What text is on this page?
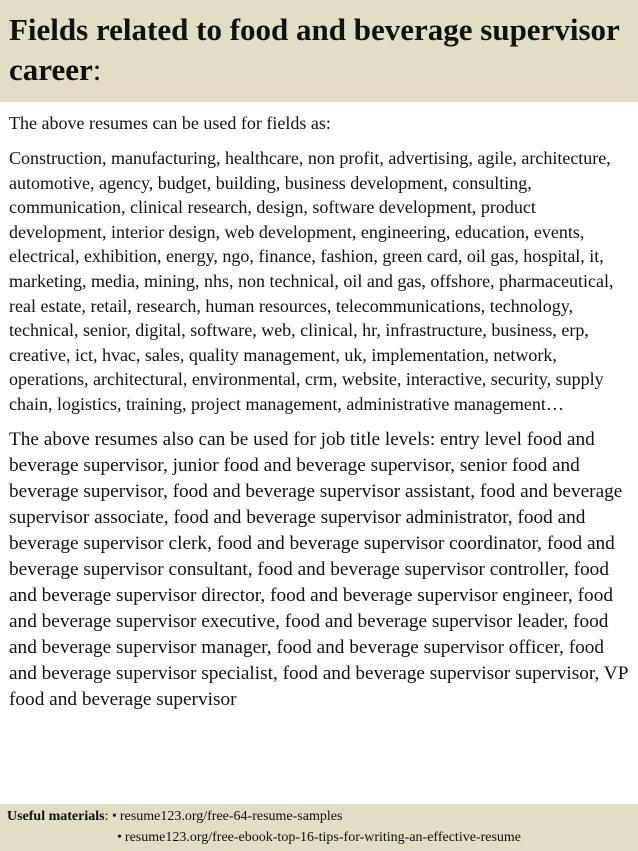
Fields related to food and beverage supervisor career:

The above resumes can be used for fields as:

Construction, manufacturing, healthcare, non profit, advertising, agile, architecture, automotive, agency, budget, building, business development, consulting, communication, clinical research, design, software development, product development, interior design, web development, engineering, education, events, electrical, exhibition, energy, ngo, finance, fashion, green card, oil gas, hospital, it, marketing, media, mining, nhs, non technical, oil and gas, offshore, pharmaceutical, real estate, retail, research, human resources, telecommunications, technology, technical, senior, digital, software, web, clinical, hr, infrastructure, business, erp, creative, ict, hvac, sales, quality management, uk, implementation, network, operations, architectural, environmental, crm, website, interactive, security, supply chain, logistics, training, project management, administrative management…

The above resumes also can be used for job title levels: entry level food and beverage supervisor, junior food and beverage supervisor, senior food and beverage supervisor, food and beverage supervisor assistant, food and beverage supervisor associate, food and beverage supervisor administrator, food and beverage supervisor clerk, food and beverage supervisor coordinator, food and beverage supervisor consultant, food and beverage supervisor controller, food and beverage supervisor director, food and beverage supervisor engineer, food and beverage supervisor executive, food and beverage supervisor leader, food and beverage supervisor manager, food and beverage supervisor officer, food and beverage supervisor specialist, food and beverage supervisor supervisor, VP food and beverage supervisor

Useful materials: • resume123.org/free-64-resume-samples
• resume123.org/free-ebook-top-16-tips-for-writing-an-effective-resume
